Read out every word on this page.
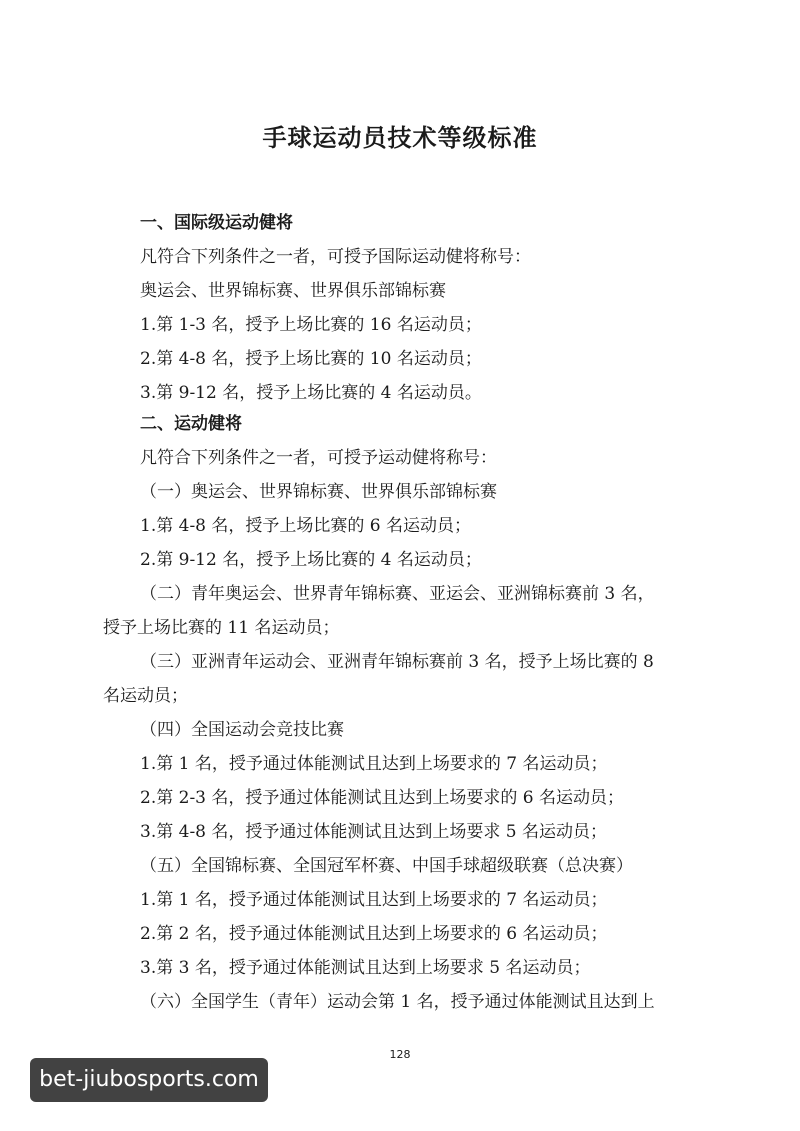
手球运动员技术等级标准
一、国际级运动健将
凡符合下列条件之一者，可授予国际运动健将称号：
奥运会、世界锦标赛、世界俱乐部锦标赛
1.第 1-3 名，授予上场比赛的 16 名运动员；
2.第 4-8 名，授予上场比赛的 10 名运动员；
3.第 9-12 名，授予上场比赛的 4 名运动员。
二、运动健将
凡符合下列条件之一者，可授予运动健将称号：
（一）奥运会、世界锦标赛、世界俱乐部锦标赛
1.第 4-8 名，授予上场比赛的 6 名运动员；
2.第 9-12 名，授予上场比赛的 4 名运动员；
（二）青年奥运会、世界青年锦标赛、亚运会、亚洲锦标赛前 3 名，
授予上场比赛的 11 名运动员；
（三）亚洲青年运动会、亚洲青年锦标赛前 3 名，授予上场比赛的 8
名运动员；
（四）全国运动会竞技比赛
1.第 1 名，授予通过体能测试且达到上场要求的 7 名运动员；
2.第 2-3 名，授予通过体能测试且达到上场要求的 6 名运动员；
3.第 4-8 名，授予通过体能测试且达到上场要求 5 名运动员；
（五）全国锦标赛、全国冠军杯赛、中国手球超级联赛（总决赛）
1.第 1 名，授予通过体能测试且达到上场要求的 7 名运动员；
2.第 2 名，授予通过体能测试且达到上场要求的 6 名运动员；
3.第 3 名，授予通过体能测试且达到上场要求 5 名运动员；
（六）全国学生（青年）运动会第 1 名，授予通过体能测试且达到上
128
bet-jiubosports.com
